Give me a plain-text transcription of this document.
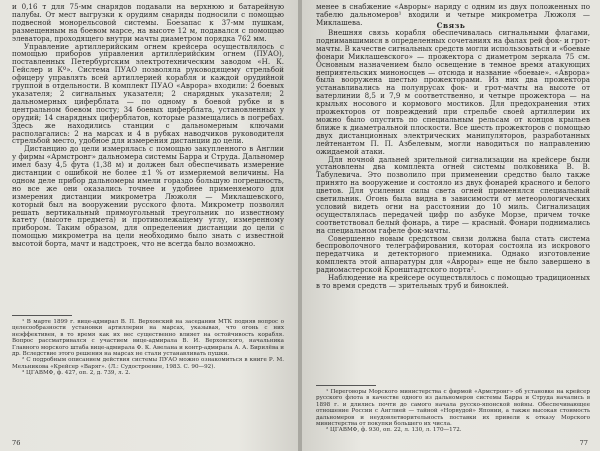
и 0,16 т для 75-мм снарядов подавали на верхнюю и батарейную палубы. От мест выгрузки к орудиям снаряды подносили с помощью подвесной монорельсовой системы. Боезапас к 37-мм пушкам, размещенным на боевом марсе, на высоте 12 м, подавался с помощью элеватора, проходящего внутри мачты диаметром порядка 762 мм.

Управление артиллерийским огнем крейсера осуществлялось с помощью приборов управления артиллерийским огнем (ПУАО), поставленных Петербургским электротехническим заводом «Н. К. Гейслер и Кº». Система ПУАО позволяла руководящему стрельбой офицеру управлять всей артиллерией корабля и каждой орудийной группой в отдельности. В комплект ПУАО «Аврора» входили: 2 боевых указателя; 2 сигнальных указателя; 2 снарядных указателя; 2 дальномерных циферблата — по одному в боевой рубке и в центральном боевом посту; 34 боевых циферблата, установленных у орудий; 14 снарядных циферблатов, которые размещались в погребах. Здесь же находились станции с дальномерным ключами располагались: 2 на марсах и 4 в рубках наводчиков руководителя стрельбой место, удобное для измерения дистанции до цели.

Дистанцию до цели измерялась с помощью закупленного в Англии у фирмы «Армстронг» дальномера системы Барра и Струда. Дальномер имел базу 4,5 фута (1,38 м) и должен был обеспечивать измерение дистанции с ошибкой не более ±1 % от измеряемой величины. На одном деле прибор дальномеры имели гораздо большую погрешность, но все же они оказались точнее и удобнее применяемого для измерения дистанции микрометра Люжоля — Миклашевского, который был на вооружении русского флота. Микрометр позволял решать вертикальный прямоугольный треугольник по известному катету (высоте предмета) и противолежащему углу, измеренному прибором. Таким образом, для определения дистанции до цели с помощью микрометра на цели необходимо было знать с известной высотой борта, мачт и надстроек, что не всегда было возможно.

¹ В марте 1899 г. вице-адмирал В. П. Верховский на заседании МТК подняв вопрос о целесообразности установки артиллерии на марсах, указывая, что огонь с них неэффективен, в то время как их вес существенно влияет на остойчивость корабля. Вопрос рассматривался с участием вице-адмирала В. И. Верховского, начальника Главного морского штаба вице-адмирала Ф. К. Авелана и контр-адмирала А. А. Бирилёва и др. Вследствие этого решения на марсах не стали устанавливать пушки.

² С подробным описанием действия системы ПУАО можно ознакомиться в книге Р. М. Мельникова «Крейсер «Варяг». (Л.: Судостроение, 1983. С. 90—92).

³ ЦГАВМФ, ф. 427, оп. 2, д. 739, л. 2.

76

менее в снабжение «Авроры» наряду с одним из двух положенных по табелю дальномеров¹ входили и четыре микрометра Люжоля — Миклашева.	Связь

Внешняя связь корабля обеспечивалась сигнальными флагами, поднимавшимися в определенных сочетаниях на фалах рей фок- и грот-мачты. В качестве сигнальных средств могли использоваться и «боевые фонари Миклашевского» — прожектора с диаметром зеркала 75 см. Основным назначением было освещение в темное время атакующих неприятельских миноносцев — отсюда и название «боевые». «Аврора» была вооружена шестью прожекторами. Из них два прожектора устанавливались на полуярусах фок- и грот-мачты на высоте от ватерлинии 8,5 и 7,9 м соответственно, и четыре прожектора — на крыльях носового и кормового мостиков. Для предохранения этих прожекторов от повреждений при стрельбе своей артиллерии их можно было опустить по специальным рельсам от концов крыльев ближе к диаметральной плоскости. Все шесть прожекторов с помощью двух дистанционных электрических манипуляторов, разработанных лейтенантом П. П. Азбелевым, могли наводиться по направлению ожидаемой атаки.

Для ночной дальней зрительной сигнализации на крейсере были установлены два комплекта огней системы полковника В. В. Табулевича. Это позволило при применении средство было также принято на вооружение и состояло из двух фонарей красного и белого цветов. Для усиления силы света огней применялся специальный светильник. Огонь была видна в зависимости от метеорологических условий видеть огни на расстоянии до 10 миль. Сигнализация осуществлялась передачей цифр по азбуке Морзе, причем точке соответствовал белый фонарь, а тире — красный. Фонари поднимались на специальном гафеле фок-мачты.

Совершенно новым средством связи должна была стать система беспроволочного телеграфирования, которая состояла из искрового передатчика и детекторного приемника. Однако изготовление комплекта этой аппаратуры для «Авроры» еще не было завершено в радиомастерской Кронштадтского порта².

Наблюдение на крейсере осуществлялось с помощью традиционных в то время средств — зрительных труб и биноклей.

¹ Переговоры Морского министерства с фирмой «Армстронг» об установке на крейсер русского флота в качестве одного из дальномеров системы Барра и Струда начались в 1898 г. и длились почти до самого начала русско-японской войны. Обеспечивающее отношение России с Англией — тайной «Норвудой» Японии, а также высокая стоимость дальномеров и неудовлетворительность поставки их привели к отказу Морского министерства от покупки большего их числа.

² ЦГАВМФ, ф. 930, оп. 22, л. 130, л. 170—172.

77
